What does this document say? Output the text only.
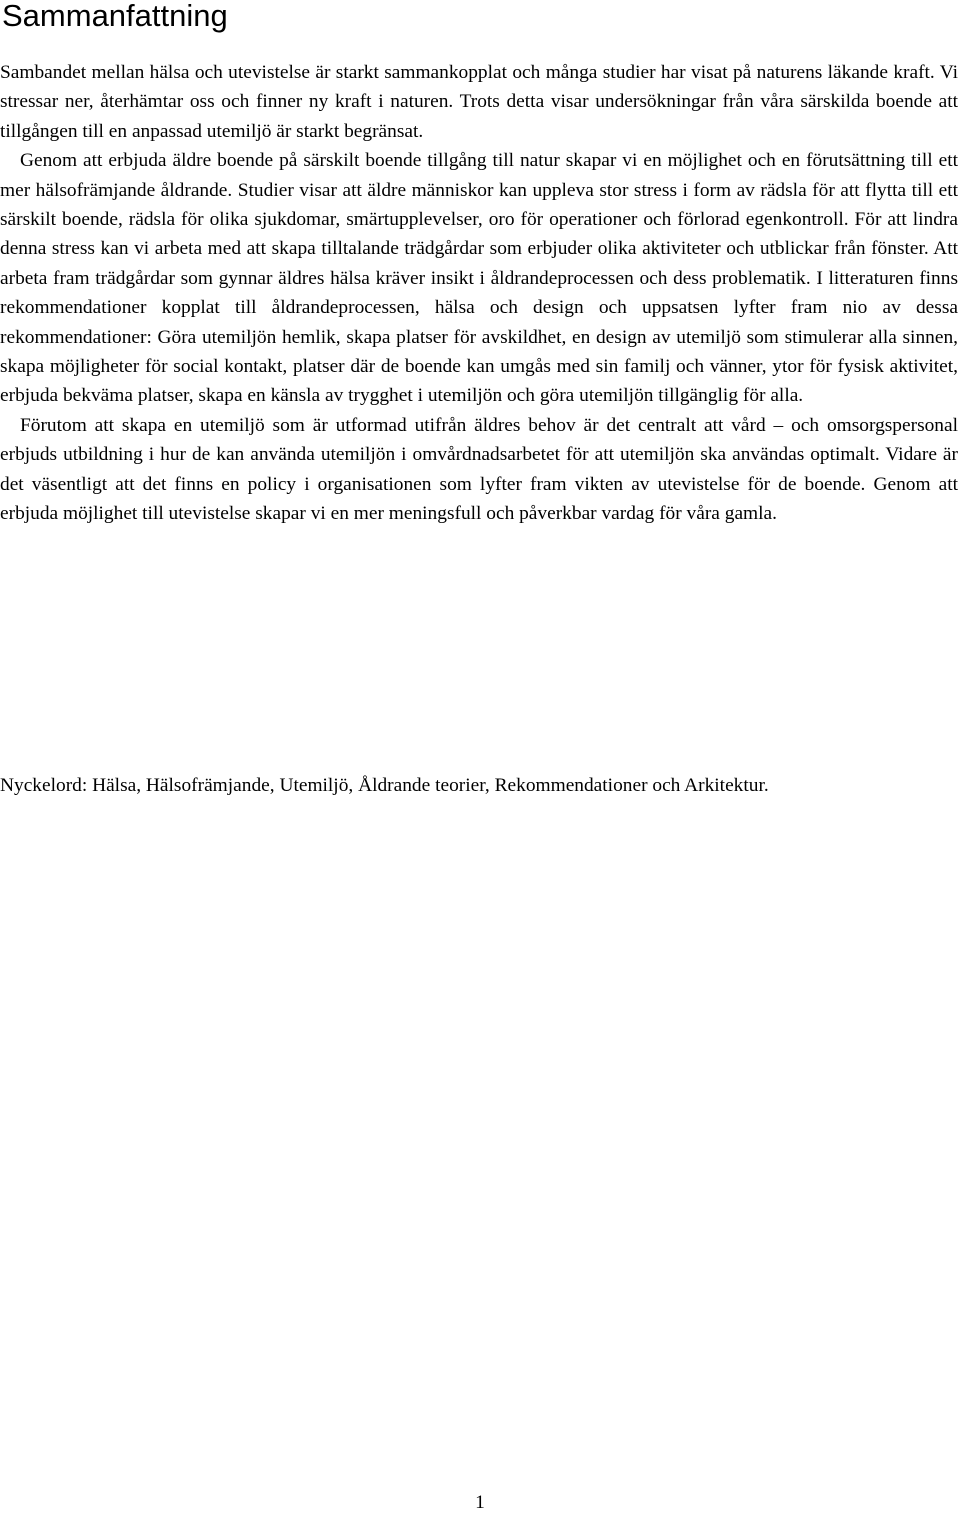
Sammanfattning

Sambandet mellan hälsa och utevistelse är starkt sammankopplat och många studier har visat på naturens läkande kraft. Vi stressar ner, återhämtar oss och finner ny kraft i naturen. Trots detta visar undersökningar från våra särskilda boende att tillgången till en anpassad utemiljö är starkt begränsat.

Genom att erbjuda äldre boende på särskilt boende tillgång till natur skapar vi en möjlighet och en förutsättning till ett mer hälsofrämjande åldrande. Studier visar att äldre människor kan uppleva stor stress i form av rädsla för att flytta till ett särskilt boende, rädsla för olika sjukdomar, smärtupplevelser, oro för operationer och förlorad egenkontroll. För att lindra denna stress kan vi arbeta med att skapa tilltalande trädgårdar som erbjuder olika aktiviteter och utblickar från fönster. Att arbeta fram trädgårdar som gynnar äldres hälsa kräver insikt i åldrandeprocessen och dess problematik. I litteraturen finns rekommendationer kopplat till åldrandeprocessen, hälsa och design och uppsatsen lyfter fram nio av dessa rekommendationer: Göra utemiljön hemlik, skapa platser för avskildhet, en design av utemiljö som stimulerar alla sinnen, skapa möjligheter för social kontakt, platser där de boende kan umgås med sin familj och vänner, ytor för fysisk aktivitet, erbjuda bekväma platser, skapa en känsla av trygghet i utemiljön och göra utemiljön tillgänglig för alla.

Förutom att skapa en utemiljö som är utformad utifrån äldres behov är det centralt att vård – och omsorgspersonal erbjuds utbildning i hur de kan använda utemiljön i omvårdnadsarbetet för att utemiljön ska användas optimalt. Vidare är det väsentligt att det finns en policy i organisationen som lyfter fram vikten av utevistelse för de boende. Genom att erbjuda möjlighet till utevistelse skapar vi en mer meningsfull och påverkbar vardag för våra gamla.

Nyckelord: Hälsa, Hälsofrämjande, Utemiljö, Åldrande teorier, Rekommendationer och Arkitektur.

1
